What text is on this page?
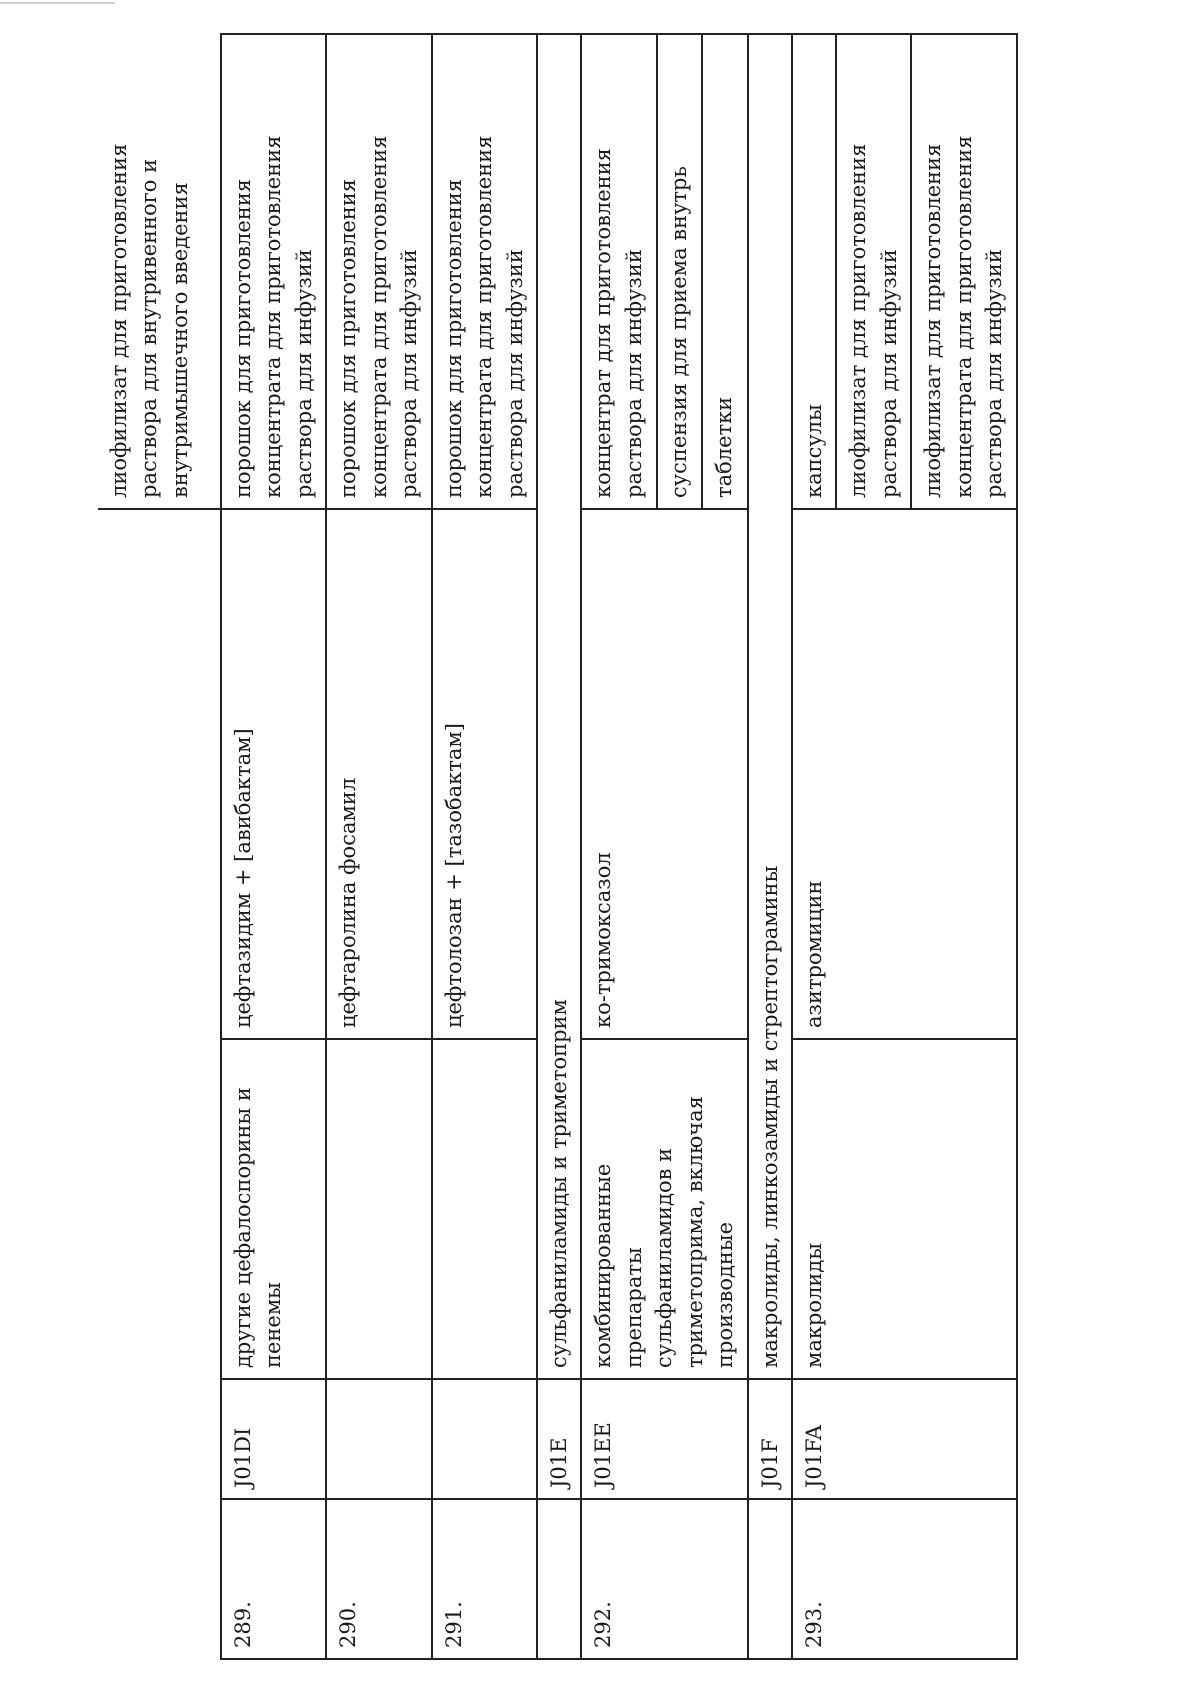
				лиофилизат для приготовления раствора для внутривенного и внутримышечного введения
289.	J01DI	другие цефалоспорины и пенемы	цефтазидим + [авибактам]	порошок для приготовления концентрата для приготовления раствора для инфузий
290.			цефтаролина фосамил	порошок для приготовления концентрата для приготовления раствора для инфузий
291.			цефтолозан + [тазобактам]	порошок для приготовления концентрата для приготовления раствора для инфузий
	J01E	сульфаниламиды и триметоприм		
292.	J01EE	комбинированные препараты сульфаниламидов и триметоприма, включая производные	ко-тримоксазол	концентрат для приготовления раствора для инфузий
				суспензия для приема внутрь
				таблетки
	J01F	макролиды, линкозамиды и стрептограмины		
293.	J01FA	макролиды	азитромицин	капсулы
				лиофилизат для приготовления раствора для инфузий
				лиофилизат для приготовления концентрата для приготовления раствора для инфузий
